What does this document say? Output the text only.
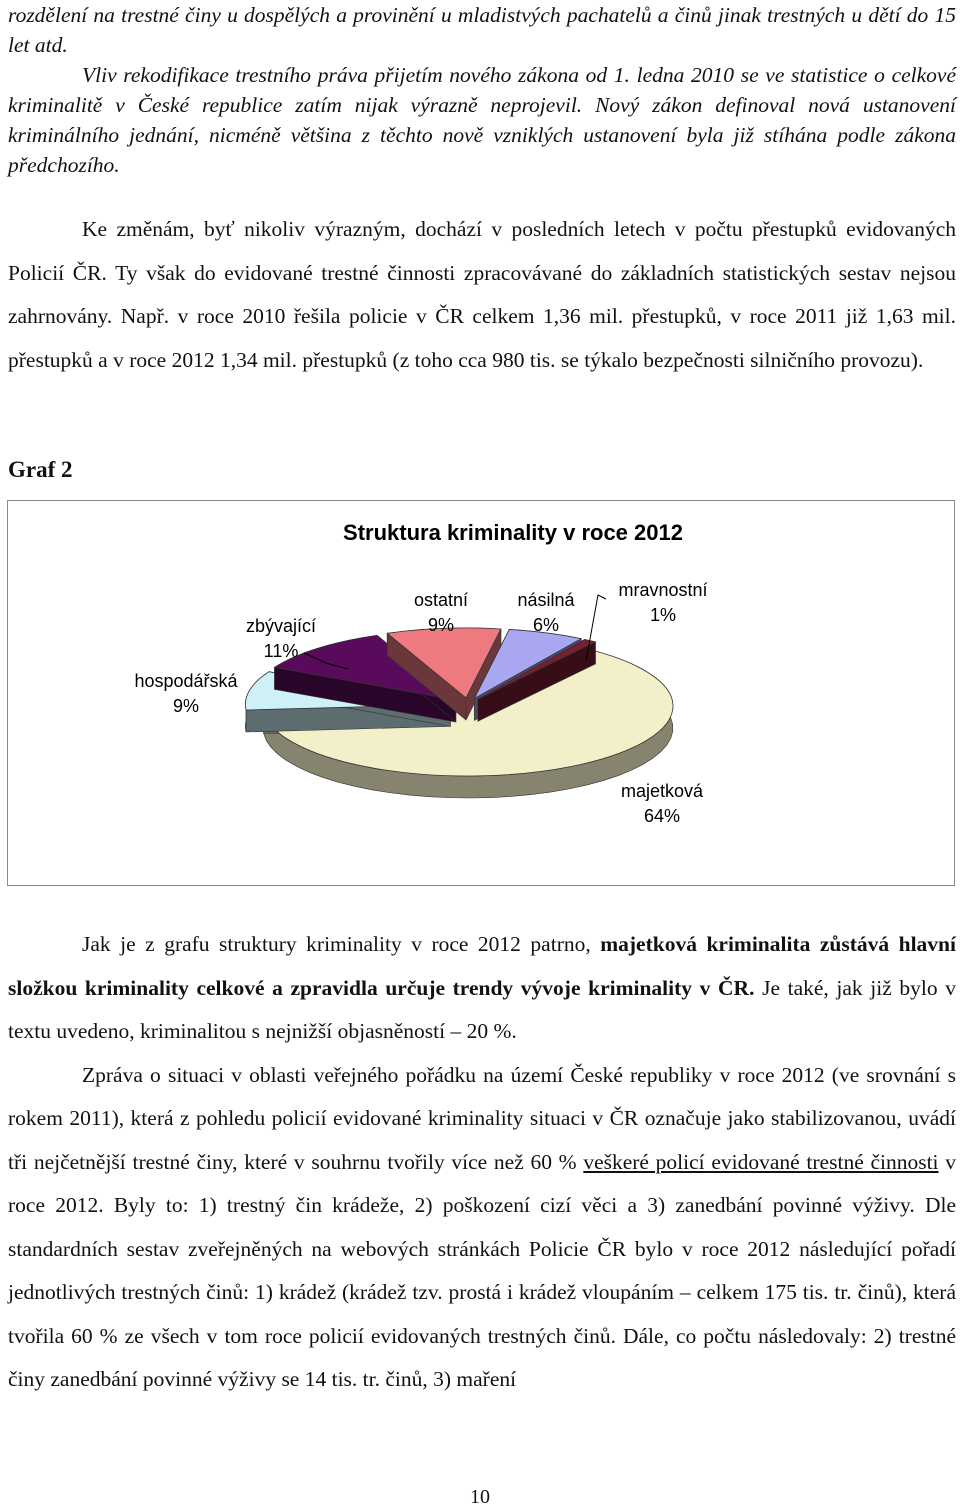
rozdělení na trestné činy u dospělých a provinění u mladistvých pachatelů a činů jinak trestných u dětí do 15 let atd.

Vliv rekodifikace trestního práva přijetím nového zákona od 1. ledna 2010 se ve statistice o celkové kriminalitě v České republice zatím nijak výrazně neprojevil. Nový zákon definoval nová ustanovení kriminálního jednání, nicméně většina z těchto nově vzniklých ustanovení byla již stíhána podle zákona předchozího.

Ke změnám, byť nikoliv výrazným, dochází v posledních letech v počtu přestupků evidovaných Policií ČR. Ty však do evidované trestné činnosti zpracovávané do základních statistických sestav nejsou zahrnovány. Např. v roce 2010 řešila policie v ČR celkem 1,36 mil. přestupků, v roce 2011 již 1,63 mil. přestupků a v roce 2012 1,34 mil. přestupků (z toho cca 980 tis. se týkalo bezpečnosti silničního provozu).

Graf 2
Struktura kriminality v roce 2012
majetková
64%
hospodářská
9%
zbývající
11%
ostatní
9%
násilná
6%
mravnostní
1%

Jak je z grafu struktury kriminality v roce 2012 patrno, majetková kriminalita zůstává hlavní složkou kriminality celkové a zpravidla určuje trendy vývoje kriminality v ČR. Je také, jak již bylo v textu uvedeno, kriminalitou s nejnižší objasněností – 20 %.

Zpráva o situaci v oblasti veřejného pořádku na území České republiky v roce 2012 (ve srovnání s rokem 2011), která z pohledu policií evidované kriminality situaci v ČR označuje jako stabilizovanou, uvádí tři nejčetnější trestné činy, které v souhrnu tvořily více než 60 % veškeré policí evidované trestné činnosti v roce 2012. Byly to: 1) trestný čin krádeže, 2) poškození cizí věci a 3) zanedbání povinné výživy. Dle standardních sestav zveřejněných na webových stránkách Policie ČR bylo v roce 2012 následující pořadí jednotlivých trestných činů: 1) krádež (krádež tzv. prostá i krádež vloupáním – celkem 175 tis. tr. činů), která tvořila 60 % ze všech v tom roce policií evidovaných trestných činů. Dále, co počtu následovaly: 2) trestné činy zanedbání povinné výživy se 14 tis. tr. činů, 3) maření

10
